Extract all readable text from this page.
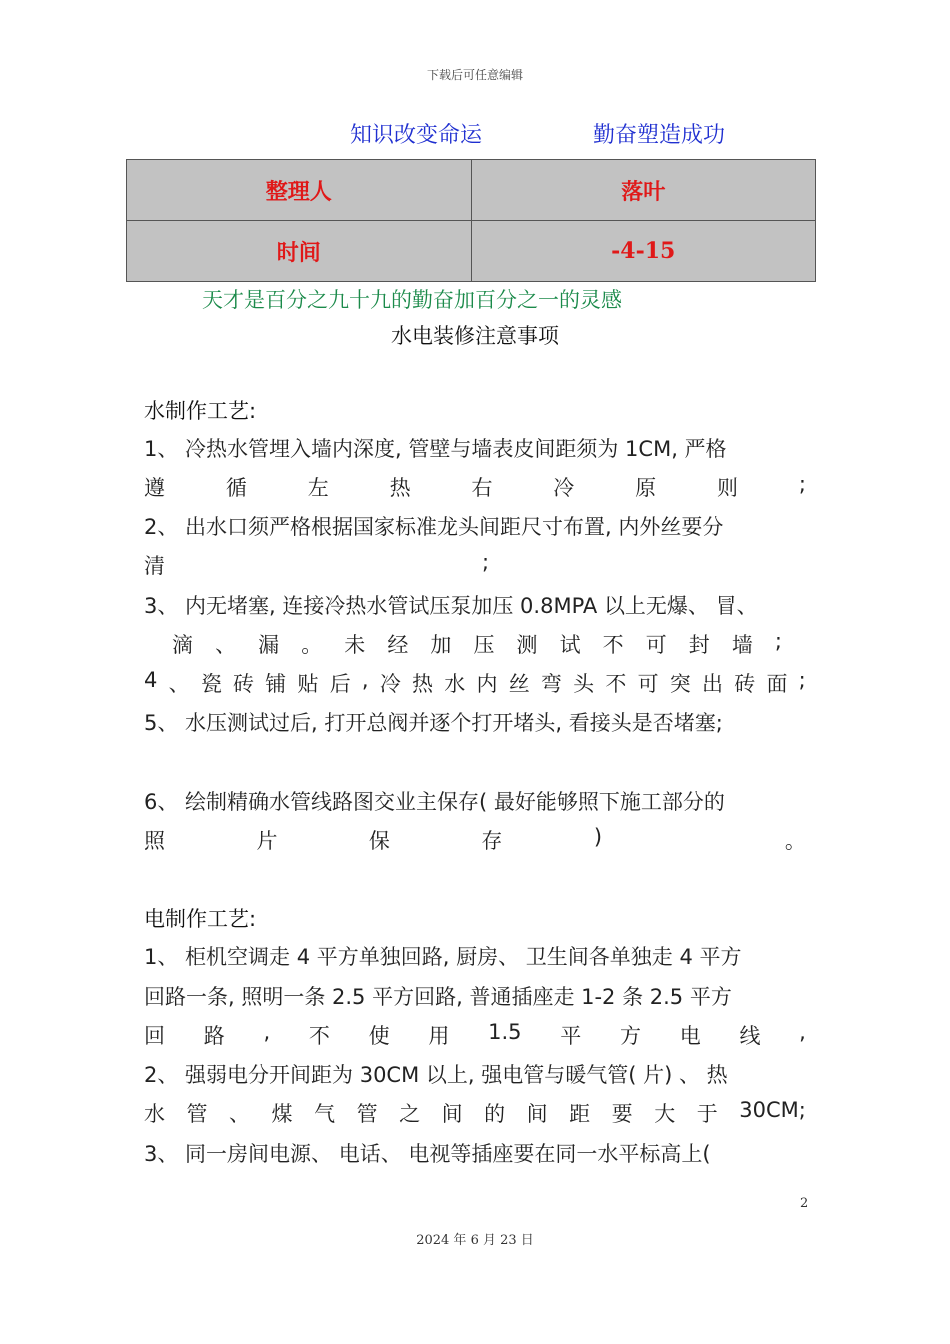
下载后可任意编辑
知识改变命运	勤奋塑造成功
整理人	落叶
时间	-4-15
天才是百分之九十九的勤奋加百分之一的灵感
水电装修注意事项
水制作工艺:
1、 冷热水管埋入墙内深度, 管壁与墙表皮间距须为 1CM, 严格
遵	循	左	热	右	冷	原	则	;
2、 出水口须严格根据国家标准龙头间距尺寸布置, 内外丝要分
清	;
3、 内无堵塞, 连接冷热水管试压泵加压 0.8MPA 以上无爆、 冒、
滴 、 漏 。 未 经 加 压 测 试 不 可 封 墙 ;
4 、 瓷 砖 铺 贴 后 , 冷 热 水 内 丝 弯 头 不 可 突 出 砖 面 ;
5、 水压测试过后, 打开总阀并逐个打开堵头, 看接头是否堵塞;
6、 绘制精确水管线路图交业主保存( 最好能够照下施工部分的
照	片	保	存	)	。
电制作工艺:
1、 柜机空调走 4 平方单独回路, 厨房、 卫生间各单独走 4 平方
回路一条, 照明一条 2.5 平方回路, 普通插座走 1-2 条 2.5 平方
回 路 , 不 使 用 1.5 平 方 电 线 ,
2、 强弱电分开间距为 30CM 以上, 强电管与暖气管( 片) 、 热
水 管 、 煤 气 管 之 间 的 间 距 要 大 于 30CM;
3、 同一房间电源、 电话、 电视等插座要在同一水平标高上(
2
2024 年 6 月 23 日
